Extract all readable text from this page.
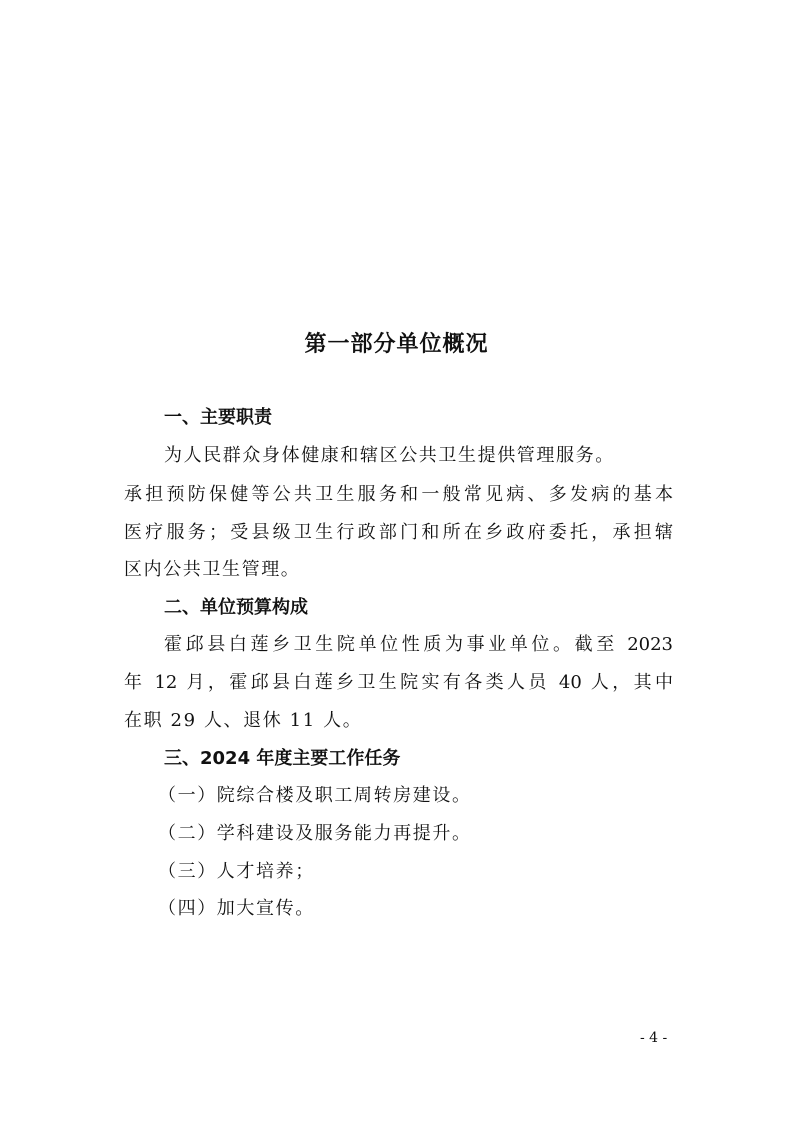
第一部分单位概况
一、主要职责
为人民群众身体健康和辖区公共卫生提供管理服务。
承担预防保健等公共卫生服务和一般常见病、多发病的基本
医疗服务；受县级卫生行政部门和所在乡政府委托，承担辖
区内公共卫生管理。
二、单位预算构成
霍邱县白莲乡卫生院单位性质为事业单位。截至 2023
年 12 月，霍邱县白莲乡卫生院实有各类人员 40 人，其中
在职 29 人、退休 11 人。
三、2024 年度主要工作任务
（一）院综合楼及职工周转房建设。
（二）学科建设及服务能力再提升。
（三）人才培养；
（四）加大宣传。
- 4 -
